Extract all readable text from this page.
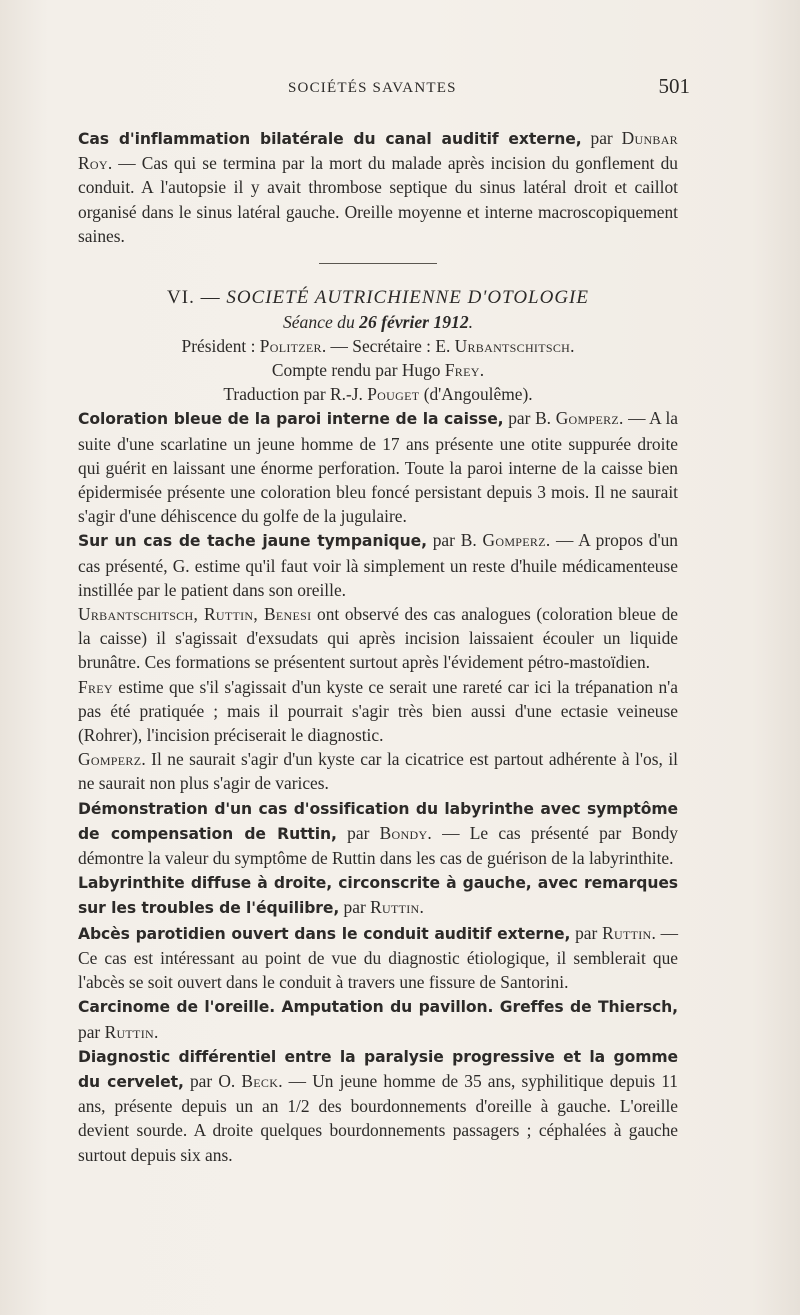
SOCIÉTÉS SAVANTES	501

Cas d'inflammation bilatérale du canal auditif externe, par Dunbar Roy. — Cas qui se termina par la mort du malade après incision du gonflement du conduit. A l'autopsie il y avait thrombose septique du sinus latéral droit et caillot organisé dans le sinus latéral gauche. Oreille moyenne et interne macroscopiquement saines.

VI. — SOCIETÉ AUTRICHIENNE D'OTOLOGIE

Séance du 26 février 1912.

Président : Politzer. — Secrétaire : E. Urbantschitsch.

Compte rendu par Hugo Frey.

Traduction par R.-J. Pouget (d'Angoulême).

Coloration bleue de la paroi interne de la caisse, par B. Gomperz. — A la suite d'une scarlatine un jeune homme de 17 ans présente une otite suppurée droite qui guérit en laissant une énorme perforation. Toute la paroi interne de la caisse bien épidermisée présente une coloration bleu foncé persistant depuis 3 mois. Il ne saurait s'agir d'une déhiscence du golfe de la jugulaire.

Sur un cas de tache jaune tympanique, par B. Gomperz. — A propos d'un cas présenté, G. estime qu'il faut voir là simplement un reste d'huile médicamenteuse instillée par le patient dans son oreille.

Urbantschitsch, Ruttin, Benesi ont observé des cas analogues (coloration bleue de la caisse) il s'agissait d'exsudats qui après incision laissaient écouler un liquide brunâtre. Ces formations se présentent surtout après l'évidement pétro-mastoïdien.

Frey estime que s'il s'agissait d'un kyste ce serait une rareté car ici la trépanation n'a pas été pratiquée ; mais il pourrait s'agir très bien aussi d'une ectasie veineuse (Rohrer), l'incision préciserait le diagnostic.

Gomperz. Il ne saurait s'agir d'un kyste car la cicatrice est partout adhérente à l'os, il ne saurait non plus s'agir de varices.

Démonstration d'un cas d'ossification du labyrinthe avec symptôme de compensation de Ruttin, par Bondy. — Le cas présenté par Bondy démontre la valeur du symptôme de Ruttin dans les cas de guérison de la labyrinthite.

Labyrinthite diffuse à droite, circonscrite à gauche, avec remarques sur les troubles de l'équilibre, par Ruttin.

Abcès parotidien ouvert dans le conduit auditif externe, par Ruttin. — Ce cas est intéressant au point de vue du diagnostic étiologique, il semblerait que l'abcès se soit ouvert dans le conduit à travers une fissure de Santorini.

Carcinome de l'oreille. Amputation du pavillon. Greffes de Thiersch, par Ruttin.

Diagnostic différentiel entre la paralysie progressive et la gomme du cervelet, par O. Beck. — Un jeune homme de 35 ans, syphilitique depuis 11 ans, présente depuis un an 1/2 des bourdonnements d'oreille à gauche. L'oreille devient sourde. A droite quelques bourdonnements passagers ; céphalées à gauche surtout depuis six ans.
